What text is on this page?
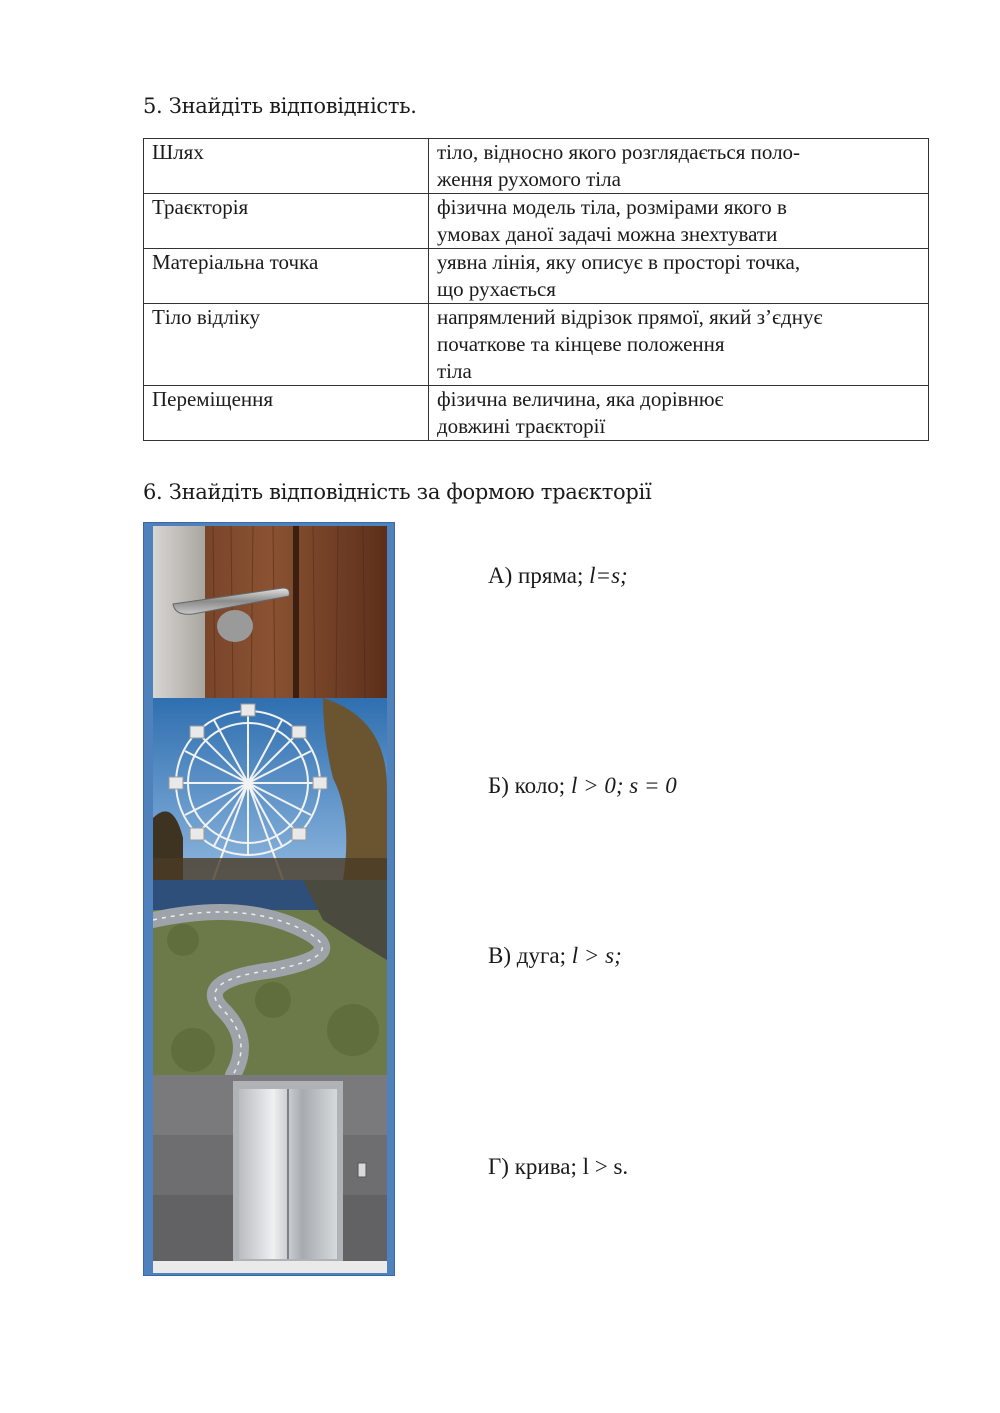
5. Знайдіть відповідність.
Шлях	тіло, відносно якого розглядається поло-
ження рухомого тіла
Траєкторія	фізична модель тіла, розмірами якого в
умовах даної задачі можна знехтувати
Матеріальна точка	уявна лінія, яку описує в просторі точка,
що рухається
Тіло відліку	напрямлений відрізок прямої, який з’єднує
початкове та кінцеве положення
тіла
Переміщення	фізична величина, яка дорівнює
довжині траєкторії
6. Знайдіть відповідність за формою траєкторії
А) пряма; l=s;
Б) коло; l > 0; s = 0
В) дуга; l > s;
Г) крива; l > s.
